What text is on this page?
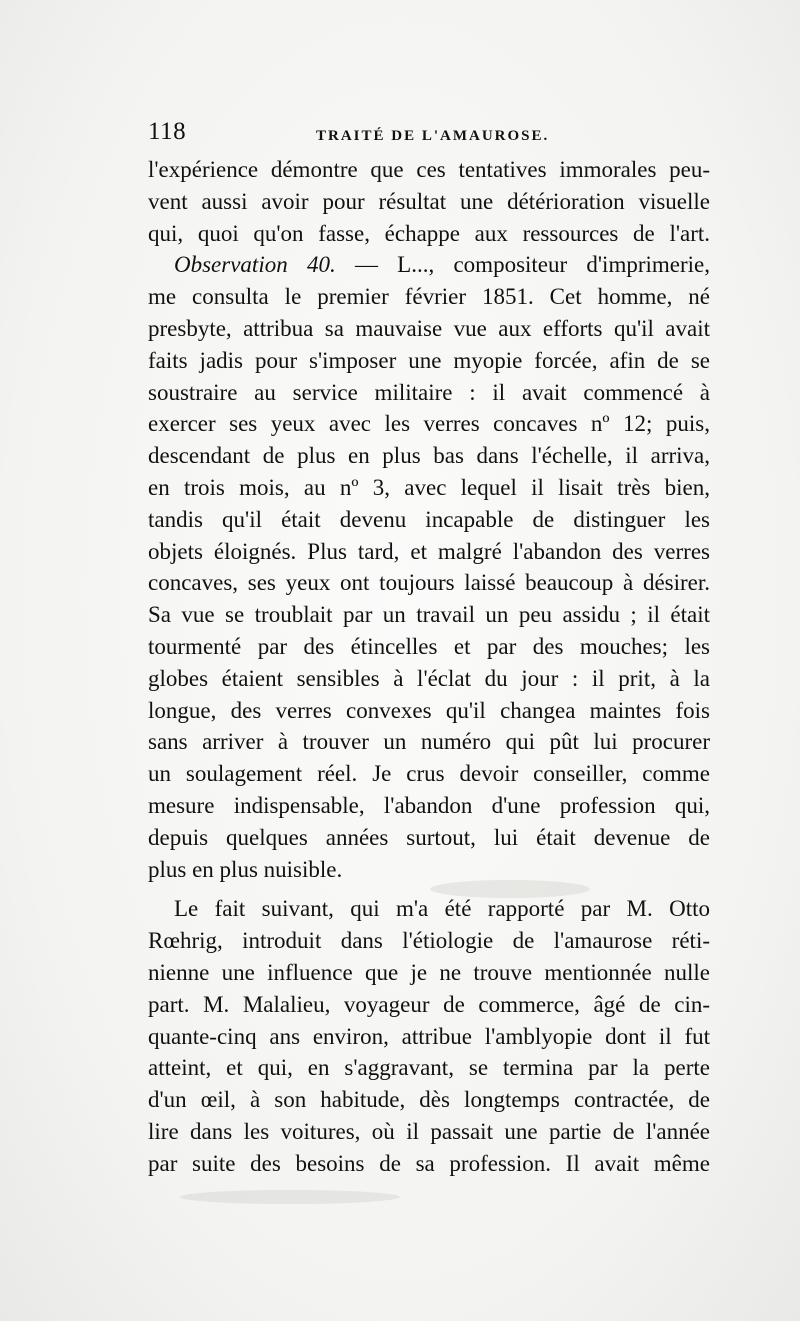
118	TRAITÉ DE L'AMAUROSE.
l'expérience démontre que ces tentatives immorales peu-
vent aussi avoir pour résultat une détérioration visuelle
qui, quoi qu'on fasse, échappe aux ressources de l'art.
Observation 40. — L..., compositeur d'imprimerie,
me consulta le premier février 1851. Cet homme, né
presbyte, attribua sa mauvaise vue aux efforts qu'il avait
faits jadis pour s'imposer une myopie forcée, afin de se
soustraire au service militaire : il avait commencé à
exercer ses yeux avec les verres concaves nº 12; puis,
descendant de plus en plus bas dans l'échelle, il arriva,
en trois mois, au nº 3, avec lequel il lisait très bien,
tandis qu'il était devenu incapable de distinguer les
objets éloignés. Plus tard, et malgré l'abandon des verres
concaves, ses yeux ont toujours laissé beaucoup à désirer.
Sa vue se troublait par un travail un peu assidu ; il était
tourmenté par des étincelles et par des mouches; les
globes étaient sensibles à l'éclat du jour : il prit, à la
longue, des verres convexes qu'il changea maintes fois
sans arriver à trouver un numéro qui pût lui procurer
un soulagement réel. Je crus devoir conseiller, comme
mesure indispensable, l'abandon d'une profession qui,
depuis quelques années surtout, lui était devenue de
plus en plus nuisible.
Le fait suivant, qui m'a été rapporté par M. Otto
Rœhrig, introduit dans l'étiologie de l'amaurose réti-
nienne une influence que je ne trouve mentionnée nulle
part. M. Malalieu, voyageur de commerce, âgé de cin-
quante-cinq ans environ, attribue l'amblyopie dont il fut
atteint, et qui, en s'aggravant, se termina par la perte
d'un œil, à son habitude, dès longtemps contractée, de
lire dans les voitures, où il passait une partie de l'année
par suite des besoins de sa profession. Il avait même
